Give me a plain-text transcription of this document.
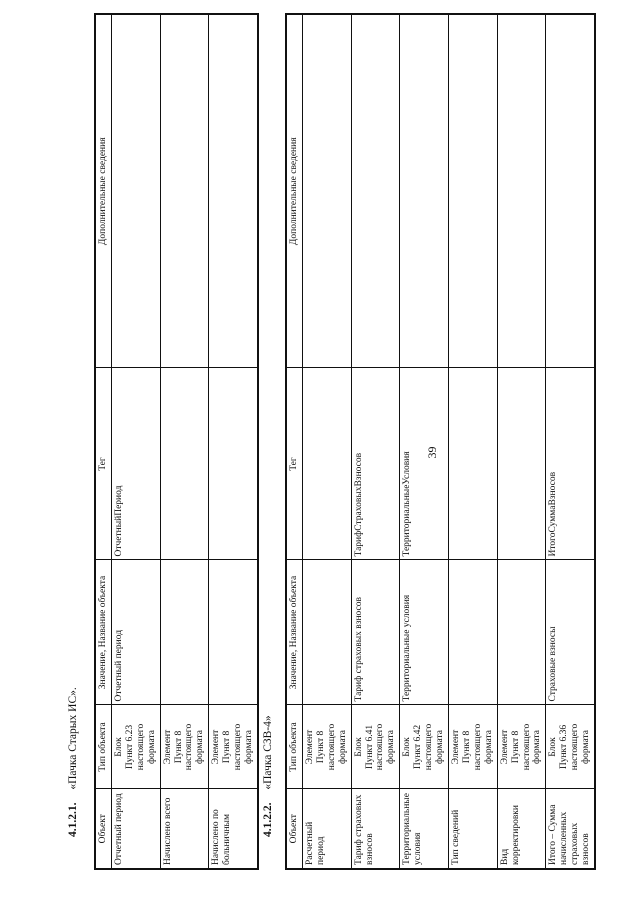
39
4.1.2.1. «Пачка Старых ИС».
Объект	Тип объекта	Значение, Название объекта	Тег	Дополнительные сведения
Отчетный период	Блок Пункт 6.23 настоящего формата	Отчетный период	ОтчетныйПериод	
Начислено всего	Элемент Пункт 8 настоящего формата			

Начислено по больничным	Элемент Пункт 8 настоящего формата			

4.1.2.2. «Пачка СЗВ-4»
Объект	Тип объекта	Значение, Название объекта	Тег	Дополнительные сведения
Расчетный период	Элемент Пункт 8 настоящего формата			

Тариф страховых взносов	Блок Пункт 6.41 настоящего формата	Тариф страховых взносов	ТарифСтраховыхВзносов	
Территориальные условия	Блок Пункт 6.42 настоящего формата	Территориальные условия	ТерриториальныеУсловия	
Тип сведений	Элемент Пункт 8 настоящего формата			

Вид корректировки	Элемент Пункт 8 настоящего формата			

Итого – Сумма начисленных страховых взносов	Блок Пункт 6.36 настоящего формата	Страховые взносы	ИтогоСуммаВзносов	
